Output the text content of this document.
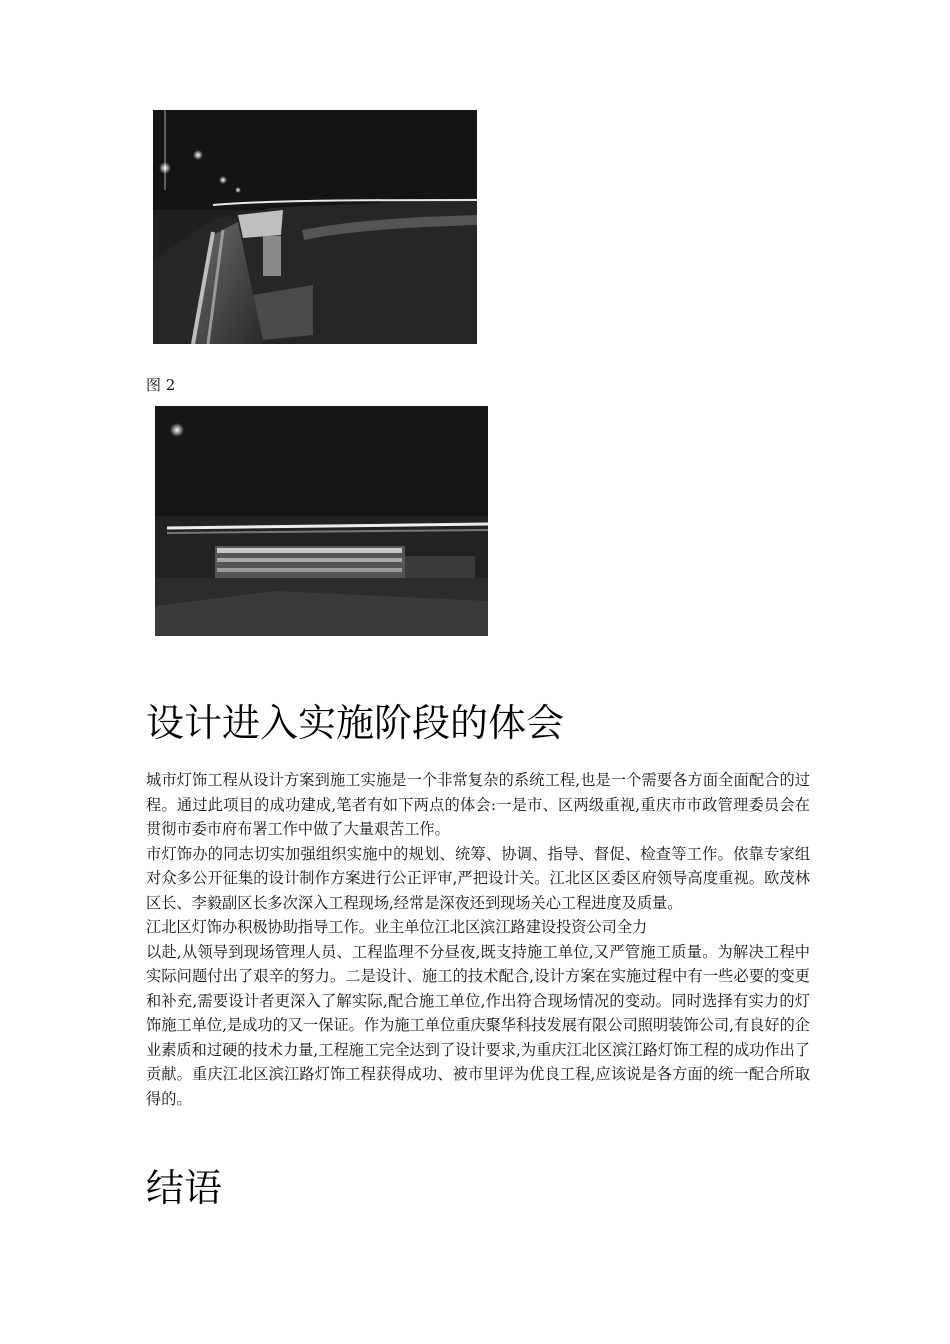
图 2
设计进入实施阶段的体会

城市灯饰工程从设计方案到施工实施是一个非常复杂的系统工程,也是一个需要各方面全面配合的过程。通过此项目的成功建成,笔者有如下两点的体会:一是市、区两级重视,重庆市市政管理委员会在贯彻市委市府布署工作中做了大量艰苦工作。

市灯饰办的同志切实加强组织实施中的规划、统筹、协调、指导、督促、检查等工作。依靠专家组对众多公开征集的设计制作方案进行公正评审,严把设计关。江北区区委区府领导高度重视。欧茂林区长、李毅副区长多次深入工程现场,经常是深夜还到现场关心工程进度及质量。

江北区灯饰办积极协助指导工作。业主单位江北区滨江路建设投资公司全力

以赴,从领导到现场管理人员、工程监理不分昼夜,既支持施工单位,又严管施工质量。为解决工程中实际问题付出了艰辛的努力。二是设计、施工的技术配合,设计方案在实施过程中有一些必要的变更和补充,需要设计者更深入了解实际,配合施工单位,作出符合现场情况的变动。同时选择有实力的灯饰施工单位,是成功的又一保证。作为施工单位重庆聚华科技发展有限公司照明装饰公司,有良好的企业素质和过硬的技术力量,工程施工完全达到了设计要求,为重庆江北区滨江路灯饰工程的成功作出了贡献。重庆江北区滨江路灯饰工程获得成功、被市里评为优良工程,应该说是各方面的统一配合所取得的。

结语
